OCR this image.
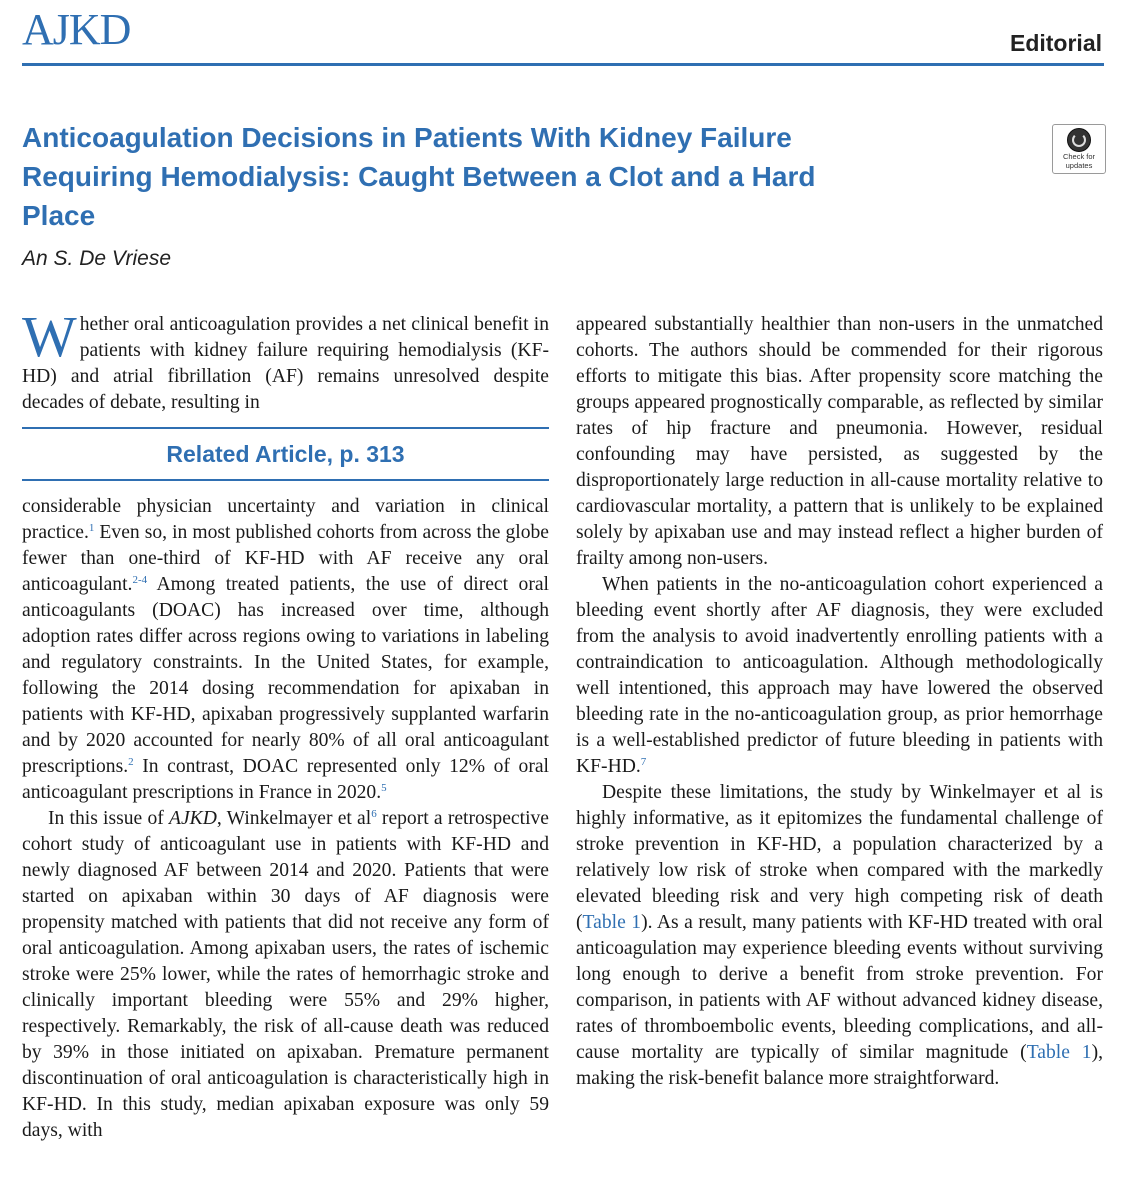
AJKD	Editorial
Anticoagulation Decisions in Patients With Kidney Failure Requiring Hemodialysis: Caught Between a Clot and a Hard Place
Check for
updates
An S. De Vriese

Whether oral anticoagulation provides a net clinical benefit in patients with kidney failure requiring hemodialysis (KF-HD) and atrial fibrillation (AF) remains unresolved despite decades of debate, resulting in

Related Article, p. 313

considerable physician uncertainty and variation in clinical practice.$^1$ Even so, in most published cohorts from across the globe fewer than one-third of KF-HD with AF receive any oral anticoagulant.$^{2-4}$ Among treated patients, the use of direct oral anticoagulants (DOAC) has increased over time, although adoption rates differ across regions owing to variations in labeling and regulatory constraints. In the United States, for example, following the 2014 dosing recommendation for apixaban in patients with KF-HD, apixaban progressively supplanted warfarin and by 2020 accounted for nearly 80% of all oral anticoagulant prescriptions.$^2$ In contrast, DOAC represented only 12% of oral anticoagulant prescriptions in France in 2020.$^5$

In this issue of AJKD, Winkelmayer et $al^6$ report a retrospective cohort study of anticoagulant use in patients with KF-HD and newly diagnosed AF between 2014 and 2020. Patients that were started on apixaban within 30 days of AF diagnosis were propensity matched with patients that did not receive any form of oral anticoagulation. Among apixaban users, the rates of ischemic stroke were 25% lower, while the rates of hemorrhagic stroke and clinically important bleeding were 55% and 29% higher, respectively. Remarkably, the risk of all-cause death was reduced by 39% in those initiated on apixaban. Premature permanent discontinuation of oral anticoagulation is characteristically high in KF-HD. In this study, median apixaban exposure was only 59 days, with

appeared substantially healthier than non-users in the unmatched cohorts. The authors should be commended for their rigorous efforts to mitigate this bias. After propensity score matching the groups appeared prognostically comparable, as reflected by similar rates of hip fracture and pneumonia. However, residual confounding may have persisted, as suggested by the disproportionately large reduction in all-cause mortality relative to cardiovascular mortality, a pattern that is unlikely to be explained solely by apixaban use and may instead reflect a higher burden of frailty among non-users.

When patients in the no-anticoagulation cohort experienced a bleeding event shortly after AF diagnosis, they were excluded from the analysis to avoid inadvertently enrolling patients with a contraindication to anticoagulation. Although methodologically well intentioned, this approach may have lowered the observed bleeding rate in the no-anticoagulation group, as prior hemorrhage is a well-established predictor of future bleeding in patients with KF-HD.$^7$

Despite these limitations, the study by Winkelmayer et al is highly informative, as it epitomizes the fundamental challenge of stroke prevention in KF-HD, a population characterized by a relatively low risk of stroke when compared with the markedly elevated bleeding risk and very high competing risk of death (Table 1). As a result, many patients with KF-HD treated with oral anticoagulation may experience bleeding events without surviving long enough to derive a benefit from stroke prevention. For comparison, in patients with AF without advanced kidney disease, rates of thromboembolic events, bleeding complications, and all-cause mortality are typically of similar magnitude (Table 1), making the risk-benefit balance more straightforward.
